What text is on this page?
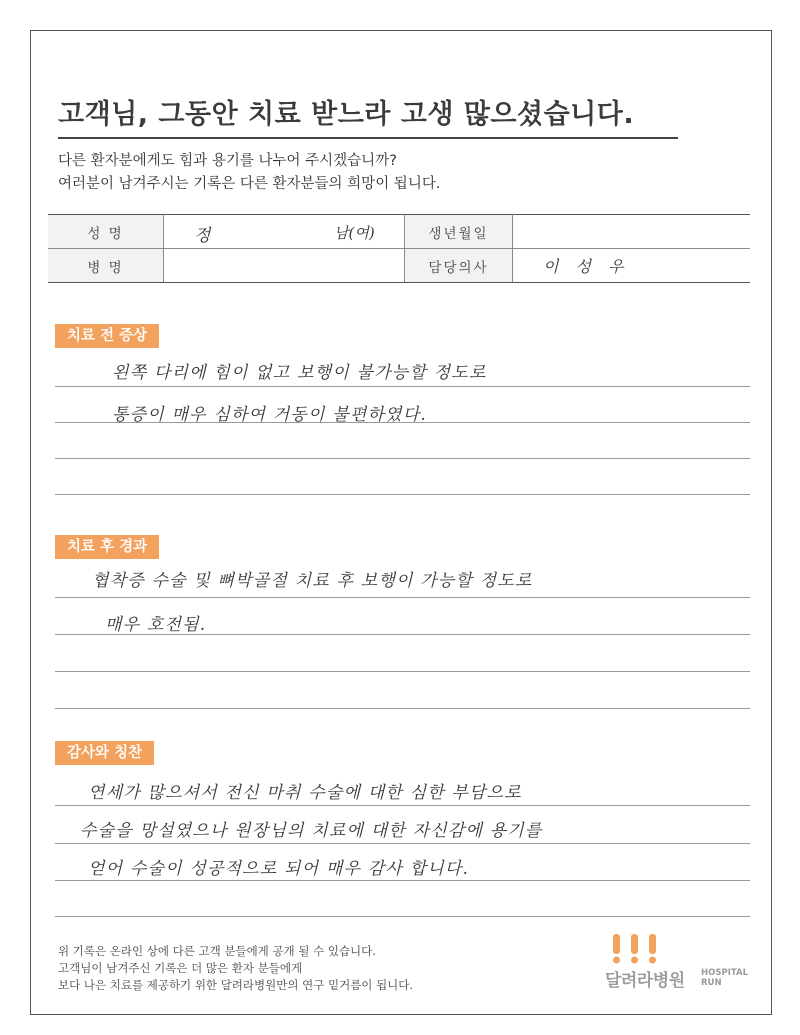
고객님, 그동안 치료 받느라 고생 많으셨습니다.
다른 환자분에게도 힘과 용기를 나누어 주시겠습니까?
여러분이 남겨주시는 기록은 다른 환자분들의 희망이 됩니다.
성 명	정 남(여)	생년월일	
병 명		담당의사	이 성 우
치료 전 증상
왼쪽 다리에 힘이 없고 보행이 불가능할 정도로
통증이 매우 심하여 거동이 불편하였다.
치료 후 경과
협착증 수술 및 뼈박골절 치료 후 보행이 가능할 정도로
매우 호전됨.
감사와 칭찬
연세가 많으셔서 전신 마취 수술에 대한 심한 부담으로
수술을 망설였으나 원장님의 치료에 대한 자신감에 용기를
얻어 수술이 성공적으로 되어 매우 감사 합니다.
위 기록은 온라인 상에 다른 고객 분들에게 공개 될 수 있습니다.
고객님이 남겨주신 기록은 더 많은 환자 분들에게
보다 나은 치료를 제공하기 위한 달려라병원만의 연구 밑거름이 됩니다.	달려라병원 HOSPITAL
RUN
